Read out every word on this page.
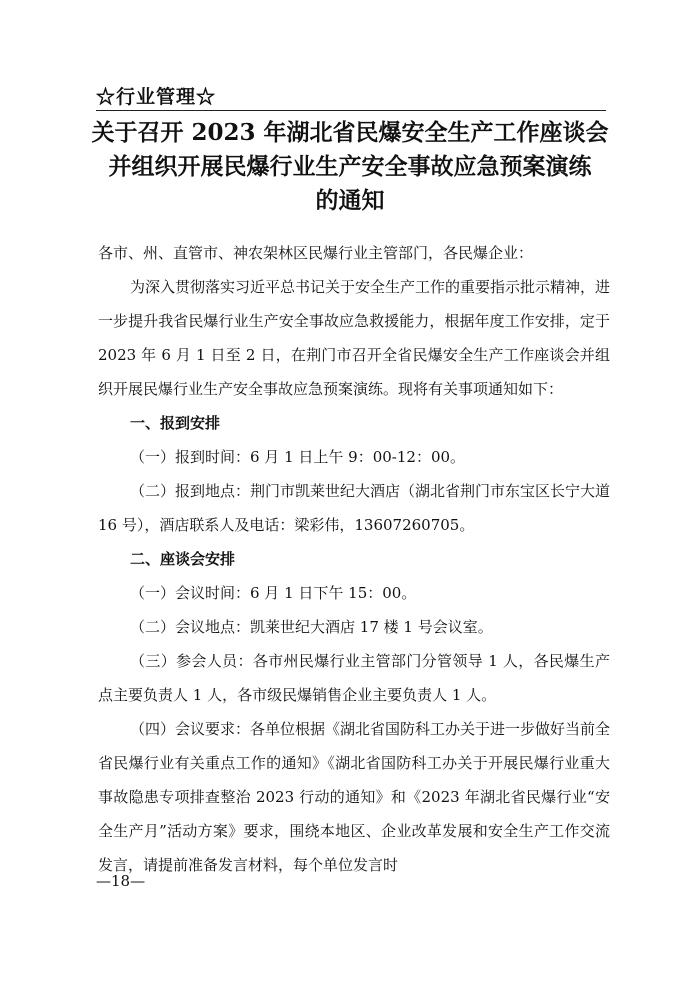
☆行业管理☆
关于召开 2023 年湖北省民爆安全生产工作座谈会
并组织开展民爆行业生产安全事故应急预案演练
的通知

各市、州、直管市、神农架林区民爆行业主管部门，各民爆企业：

为深入贯彻落实习近平总书记关于安全生产工作的重要指示批示精神，进一步提升我省民爆行业生产安全事故应急救援能力，根据年度工作安排，定于 2023 年 6 月 1 日至 2 日，在荆门市召开全省民爆安全生产工作座谈会并组织开展民爆行业生产安全事故应急预案演练。现将有关事项通知如下：

一、报到安排

（一）报到时间：6 月 1 日上午 9：00-12：00。

（二）报到地点：荆门市凯莱世纪大酒店（湖北省荆门市东宝区长宁大道 16 号），酒店联系人及电话：梁彩伟，13607260705。

二、座谈会安排

（一）会议时间：6 月 1 日下午 15：00。

（二）会议地点：凯莱世纪大酒店 17 楼 1 号会议室。

（三）参会人员：各市州民爆行业主管部门分管领导 1 人，各民爆生产点主要负责人 1 人，各市级民爆销售企业主要负责人 1 人。

（四）会议要求：各单位根据《湖北省国防科工办关于进一步做好当前全省民爆行业有关重点工作的通知》《湖北省国防科工办关于开展民爆行业重大事故隐患专项排查整治 2023 行动的通知》和《2023 年湖北省民爆行业“安全生产月”活动方案》要求，围绕本地区、企业改革发展和安全生产工作交流发言，请提前准备发言材料，每个单位发言时

—18—
